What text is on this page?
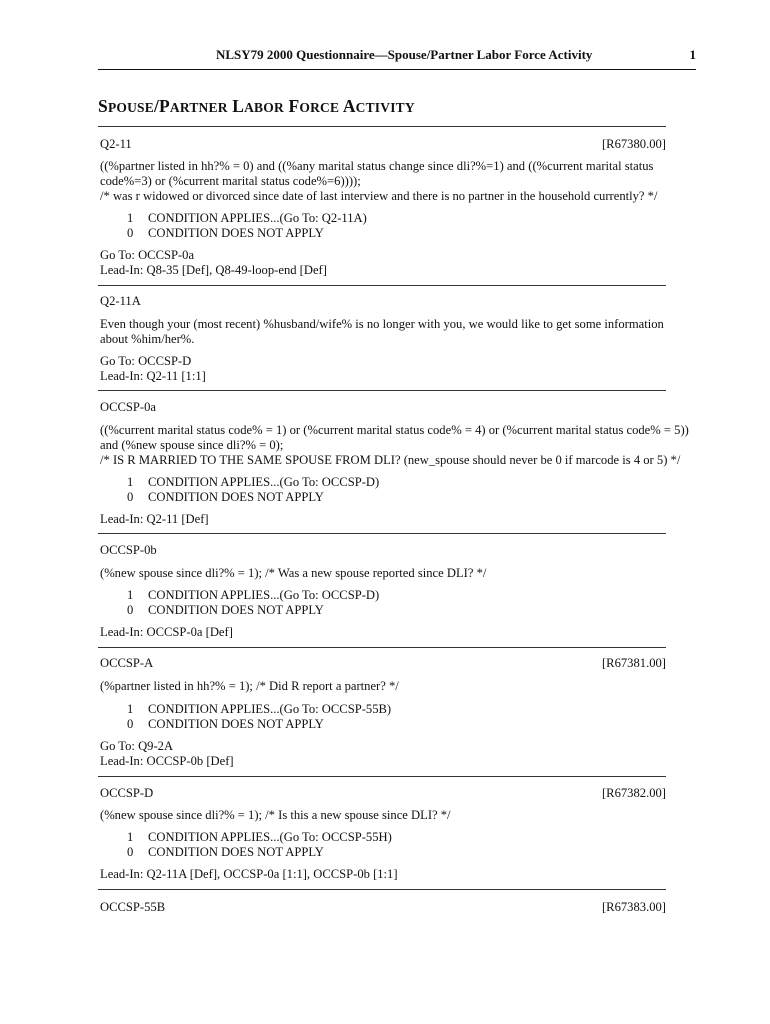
NLSY79 2000 Questionnaire—Spouse/Partner Labor Force Activity	1
SPOUSE/PARTNER LABOR FORCE ACTIVITY
Q2-11	[R67380.00]
((%partner listed in hh?% = 0) and ((%any marital status change since dli?%=1) and ((%current marital status
code%=3) or (%current marital status code%=6))));
/* was r widowed or divorced since date of last interview and there is no partner in the household currently? */
1 CONDITION APPLIES...(Go To: Q2-11A)
0 CONDITION DOES NOT APPLY
Go To: OCCSP-0a
Lead-In: Q8-35 [Def], Q8-49-loop-end [Def]
Q2-11A
Even though your (most recent) %husband/wife% is no longer with you, we would like to get some information
about %him/her%.
Go To: OCCSP-D
Lead-In: Q2-11 [1:1]
OCCSP-0a
((%current marital status code% = 1) or (%current marital status code% = 4) or (%current marital status code% = 5))
and (%new spouse since dli?% = 0);
/* IS R MARRIED TO THE SAME SPOUSE FROM DLI? (new_spouse should never be 0 if marcode is 4 or 5) */
1 CONDITION APPLIES...(Go To: OCCSP-D)
0 CONDITION DOES NOT APPLY
Lead-In: Q2-11 [Def]
OCCSP-0b
(%new spouse since dli?% = 1); /* Was a new spouse reported since DLI? */
1 CONDITION APPLIES...(Go To: OCCSP-D)
0 CONDITION DOES NOT APPLY
Lead-In: OCCSP-0a [Def]
OCCSP-A	[R67381.00]
(%partner listed in hh?% = 1); /* Did R report a partner? */
1 CONDITION APPLIES...(Go To: OCCSP-55B)
0 CONDITION DOES NOT APPLY
Go To: Q9-2A
Lead-In: OCCSP-0b [Def]
OCCSP-D	[R67382.00]
(%new spouse since dli?% = 1); /* Is this a new spouse since DLI? */
1 CONDITION APPLIES...(Go To: OCCSP-55H)
0 CONDITION DOES NOT APPLY
Lead-In: Q2-11A [Def], OCCSP-0a [1:1], OCCSP-0b [1:1]
OCCSP-55B	[R67383.00]
